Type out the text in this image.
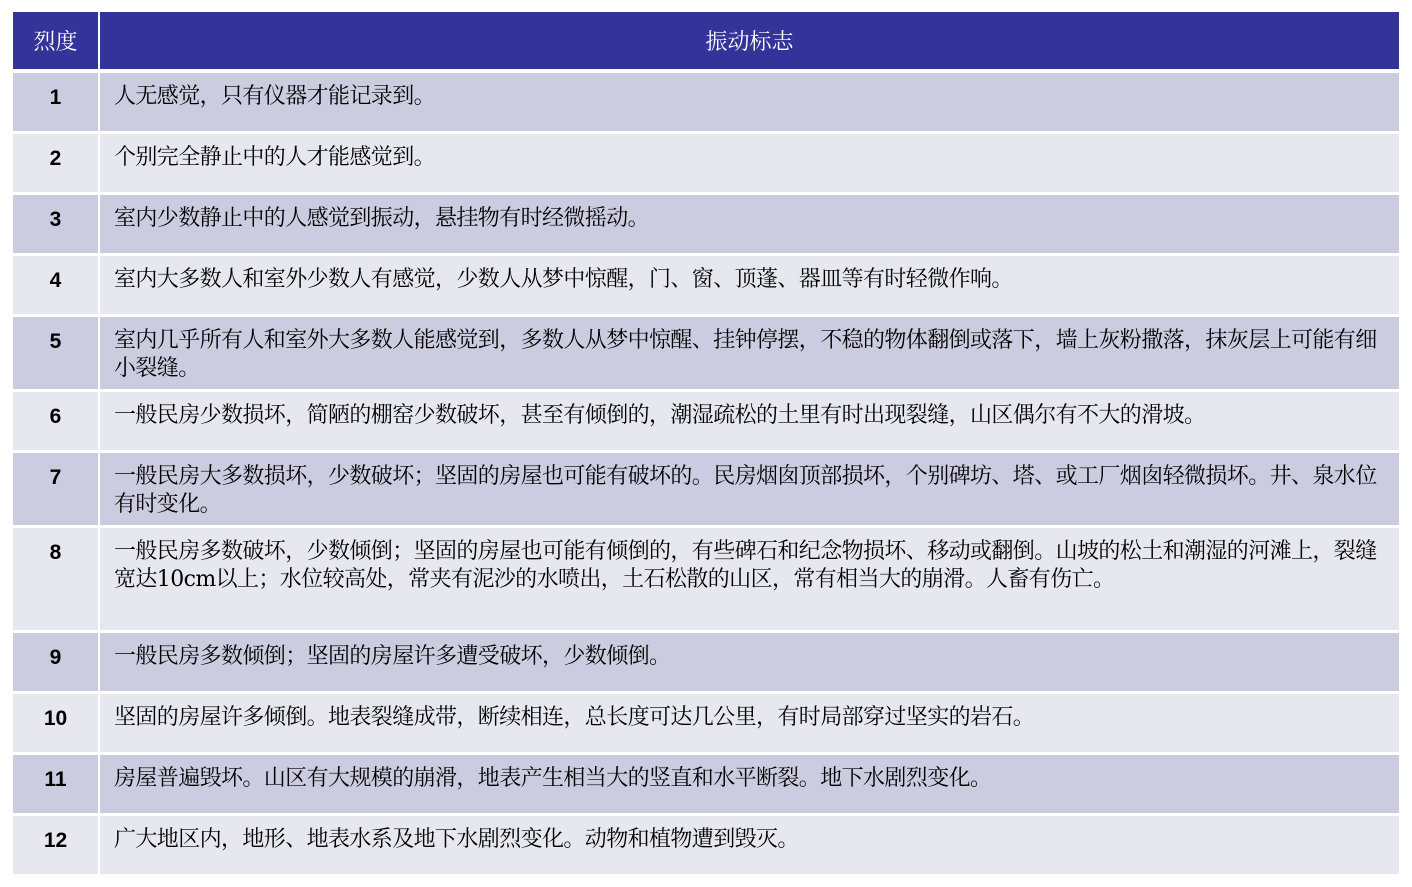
烈度	振动标志
1	人无感觉，只有仪器才能记录到。
2	个别完全静止中的人才能感觉到。
3	室内少数静止中的人感觉到振动，悬挂物有时经微摇动。
4	室内大多数人和室外少数人有感觉，少数人从梦中惊醒，门、窗、顶蓬、器皿等有时轻微作响。
5	室内几乎所有人和室外大多数人能感觉到，多数人从梦中惊醒、挂钟停摆，不稳的物体翻倒或落下，墙上灰粉撒落，抹灰层上可能有细小裂缝。
6	一般民房少数损坏，简陋的棚窑少数破坏，甚至有倾倒的，潮湿疏松的土里有时出现裂缝，山区偶尔有不大的滑坡。
7	一般民房大多数损坏，少数破坏；坚固的房屋也可能有破坏的。民房烟囱顶部损坏，个别碑坊、塔、或工厂烟囱轻微损坏。井、泉水位有时变化。
8	一般民房多数破坏，少数倾倒；坚固的房屋也可能有倾倒的，有些碑石和纪念物损坏、移动或翻倒。山坡的松土和潮湿的河滩上，裂缝宽达10cm以上；水位较高处，常夹有泥沙的水喷出，土石松散的山区，常有相当大的崩滑。人畜有伤亡。
9	一般民房多数倾倒；坚固的房屋许多遭受破坏，少数倾倒。
10	坚固的房屋许多倾倒。地表裂缝成带，断续相连，总长度可达几公里，有时局部穿过坚实的岩石。
11	房屋普遍毁坏。山区有大规模的崩滑，地表产生相当大的竖直和水平断裂。地下水剧烈变化。
12	广大地区内，地形、地表水系及地下水剧烈变化。动物和植物遭到毁灭。
